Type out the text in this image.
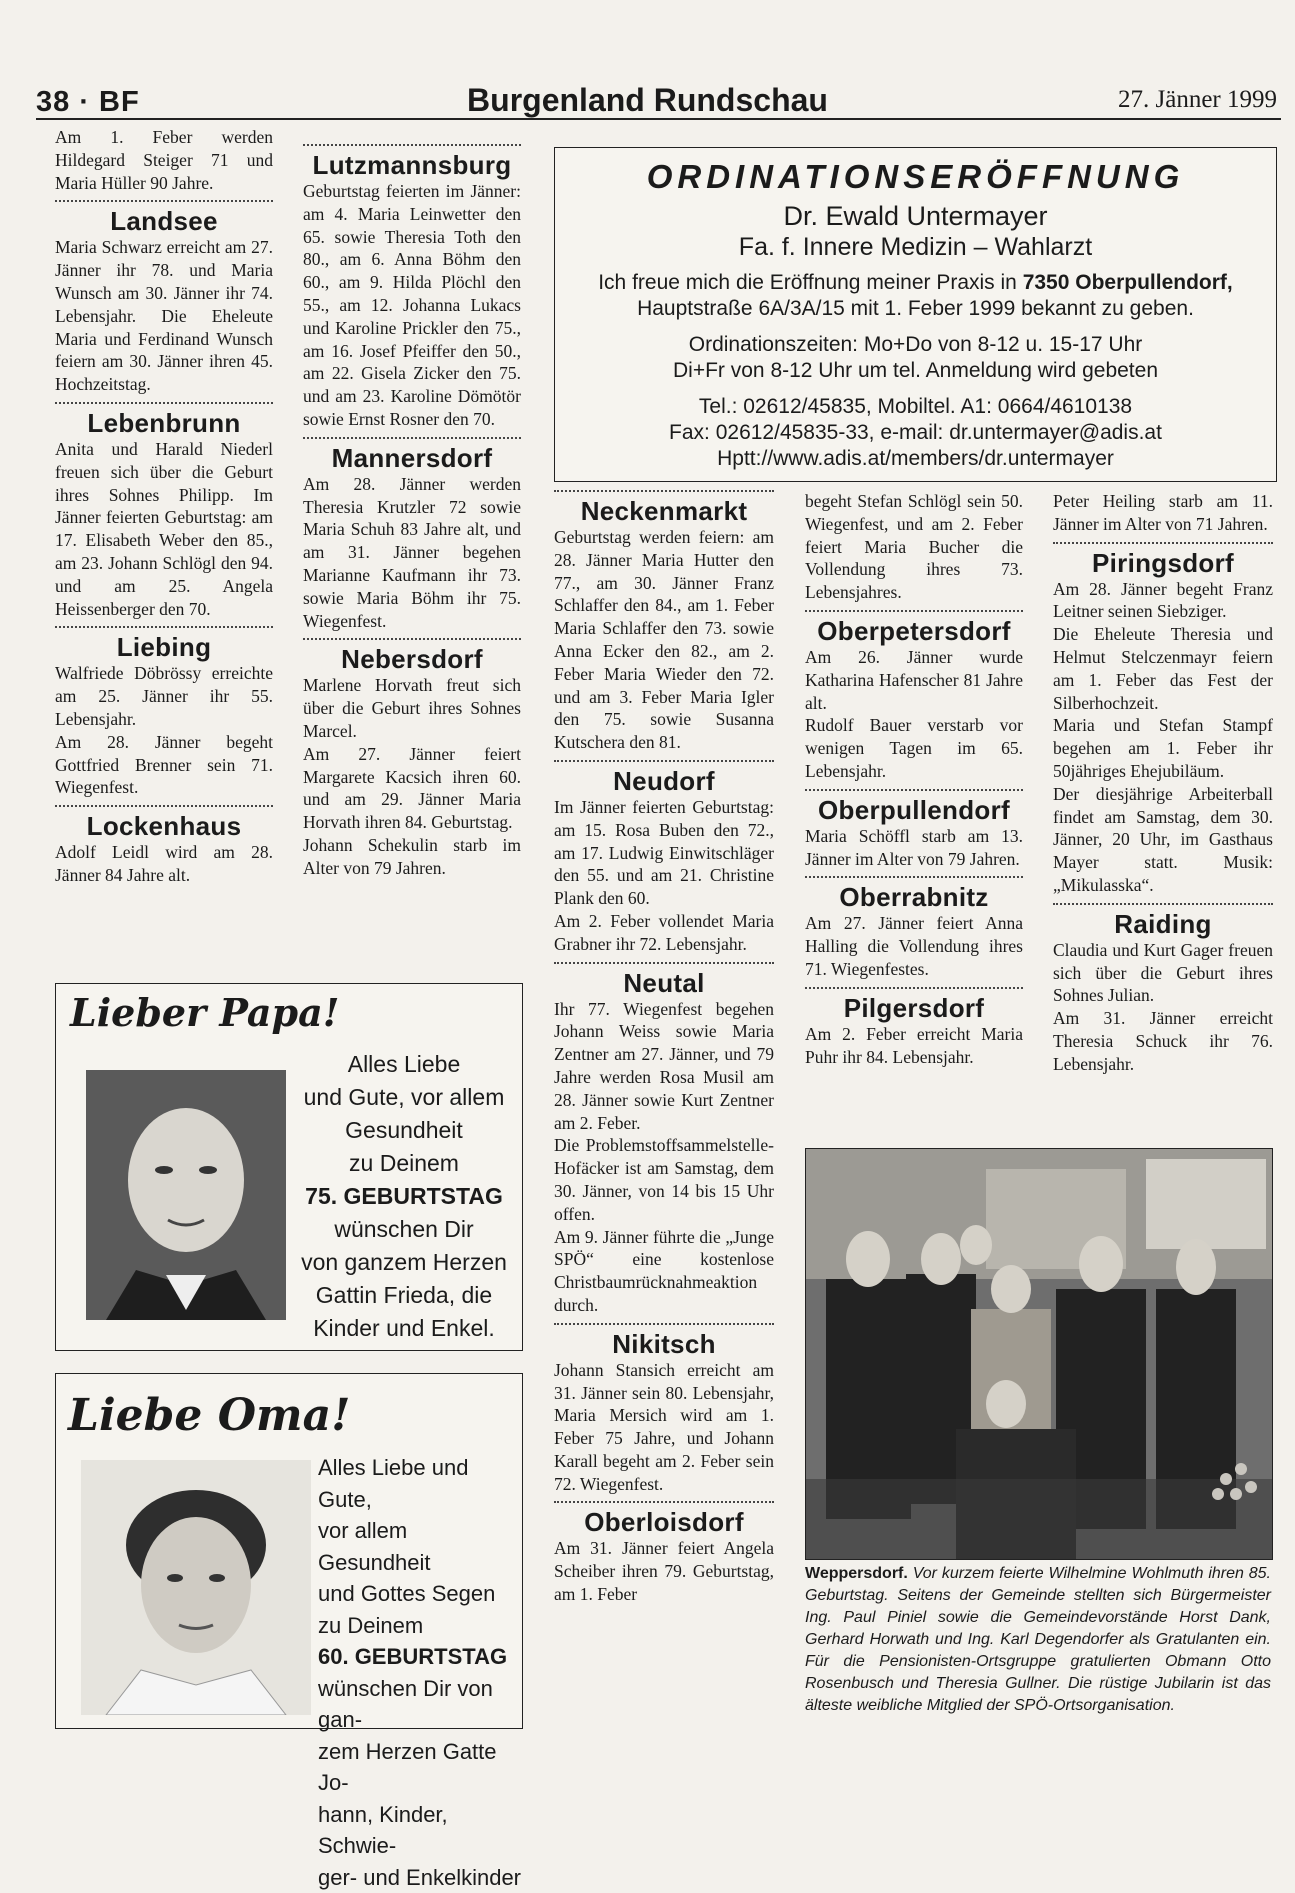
38 · BF	Burgenland Rundschau	27. Jänner 1999

Am 1. Feber werden Hildegard Steiger 71 und Maria Hüller 90 Jahre.

Landsee

Maria Schwarz erreicht am 27. Jänner ihr 78. und Maria Wunsch am 30. Jänner ihr 74. Lebensjahr. Die Eheleute Maria und Ferdinand Wunsch feiern am 30. Jänner ihren 45. Hochzeitstag.

Lebenbrunn

Anita und Harald Niederl freuen sich über die Geburt ihres Sohnes Philipp. Im Jänner feierten Geburtstag: am 17. Elisabeth Weber den 85., am 23. Johann Schlögl den 94. und am 25. Angela Heissenberger den 70.

Liebing

Walfriede Döbrössy erreichte am 25. Jänner ihr 55. Lebensjahr.

Am 28. Jänner begeht Gottfried Brenner sein 71. Wiegenfest.

Lockenhaus

Adolf Leidl wird am 28. Jänner 84 Jahre alt.

Lutzmannsburg

Geburtstag feierten im Jänner: am 4. Maria Leinwetter den 65. sowie Theresia Toth den 80., am 6. Anna Böhm den 60., am 9. Hilda Plöchl den 55., am 12. Johanna Lukacs und Karoline Prickler den 75., am 16. Josef Pfeiffer den 50., am 22. Gisela Zicker den 75. und am 23. Karoline Dömötör sowie Ernst Rosner den 70.

Mannersdorf

Am 28. Jänner werden Theresia Krutzler 72 sowie Maria Schuh 83 Jahre alt, und am 31. Jänner begehen Marianne Kaufmann ihr 73. sowie Maria Böhm ihr 75. Wiegenfest.

Nebersdorf

Marlene Horvath freut sich über die Geburt ihres Sohnes Marcel.

Am 27. Jänner feiert Margarete Kacsich ihren 60. und am 29. Jänner Maria Horvath ihren 84. Geburtstag.

Johann Schekulin starb im Alter von 79 Jahren.

ORDINATIONSERÖFFNUNG
Dr. Ewald Untermayer
Fa. f. Innere Medizin – Wahlarzt
Ich freue mich die Eröffnung meiner Praxis in 7350 Oberpullendorf,
Hauptstraße 6A/3A/15 mit 1. Feber 1999 bekannt zu geben.
Ordinationszeiten: Mo+Do von 8-12 u. 15-17 Uhr
Di+Fr von 8-12 Uhr um tel. Anmeldung wird gebeten
Tel.: 02612/45835, Mobiltel. A1: 0664/4610138
Fax: 02612/45835-33, e-mail: dr.untermayer@adis.at
Hptt://www.adis.at/members/dr.untermayer
Neckenmarkt

Geburtstag werden feiern: am 28. Jänner Maria Hutter den 77., am 30. Jänner Franz Schlaffer den 84., am 1. Feber Maria Schlaffer den 73. sowie Anna Ecker den 82., am 2. Feber Maria Wieder den 72. und am 3. Feber Maria Igler den 75. sowie Susanna Kutschera den 81.

Neudorf

Im Jänner feierten Geburtstag: am 15. Rosa Buben den 72., am 17. Ludwig Einwitschläger den 55. und am 21. Christine Plank den 60.

Am 2. Feber vollendet Maria Grabner ihr 72. Lebensjahr.

Neutal

Ihr 77. Wiegenfest begehen Johann Weiss sowie Maria Zentner am 27. Jänner, und 79 Jahre werden Rosa Musil am 28. Jänner sowie Kurt Zentner am 2. Feber.

Die Problemstoffsammelstelle-Hofäcker ist am Samstag, dem 30. Jänner, von 14 bis 15 Uhr offen.

Am 9. Jänner führte die „Junge SPÖ“ eine kostenlose Christbaumrücknahmeaktion durch.

Nikitsch

Johann Stansich erreicht am 31. Jänner sein 80. Lebensjahr, Maria Mersich wird am 1. Feber 75 Jahre, und Johann Karall begeht am 2. Feber sein 72. Wiegenfest.

Oberloisdorf

Am 31. Jänner feiert Angela Scheiber ihren 79. Geburtstag, am 1. Feber

begeht Stefan Schlögl sein 50. Wiegenfest, und am 2. Feber feiert Maria Bucher die Vollendung ihres 73. Lebensjahres.

Oberpetersdorf

Am 26. Jänner wurde Katharina Hafenscher 81 Jahre alt.

Rudolf Bauer verstarb vor wenigen Tagen im 65. Lebensjahr.

Oberpullendorf

Maria Schöffl starb am 13. Jänner im Alter von 79 Jahren.

Oberrabnitz

Am 27. Jänner feiert Anna Halling die Vollendung ihres 71. Wiegenfestes.

Pilgersdorf

Am 2. Feber erreicht Maria Puhr ihr 84. Lebensjahr.

Peter Heiling starb am 11. Jänner im Alter von 71 Jahren.

Piringsdorf

Am 28. Jänner begeht Franz Leitner seinen Siebziger.

Die Eheleute Theresia und Helmut Stelczenmayr feiern am 1. Feber das Fest der Silberhochzeit.

Maria und Stefan Stampf begehen am 1. Feber ihr 50jähriges Ehejubiläum.

Der diesjährige Arbeiterball findet am Samstag, dem 30. Jänner, 20 Uhr, im Gasthaus Mayer statt. Musik: „Mikulasska“.

Raiding

Claudia und Kurt Gager freuen sich über die Geburt ihres Sohnes Julian.

Am 31. Jänner erreicht Theresia Schuck ihr 76. Lebensjahr.

Lieber Papa!
Alles Liebe
und Gute, vor allem
Gesundheit
zu Deinem
75. GEBURTSTAG
wünschen Dir
von ganzem Herzen
Gattin Frieda, die
Kinder und Enkel.
Liebe Oma!
Alles Liebe und Gute,
vor allem Gesundheit
und Gottes Segen
zu Deinem
60. GEBURTSTAG
wünschen Dir von gan-
zem Herzen Gatte Jo-
hann, Kinder, Schwie-
ger- und Enkelkinder
Weppersdorf. Vor kurzem feierte Wilhelmine Wohlmuth ihren 85. Geburtstag. Seitens der Gemeinde stellten sich Bürgermeister Ing. Paul Piniel sowie die Gemeindevorstände Horst Dank, Gerhard Horwath und Ing. Karl Degendorfer als Gratulanten ein. Für die Pensionisten-Ortsgruppe gratulierten Obmann Otto Rosenbusch und Theresia Gullner. Die rüstige Jubilarin ist das älteste weibliche Mitglied der SPÖ-Ortsorganisation.
